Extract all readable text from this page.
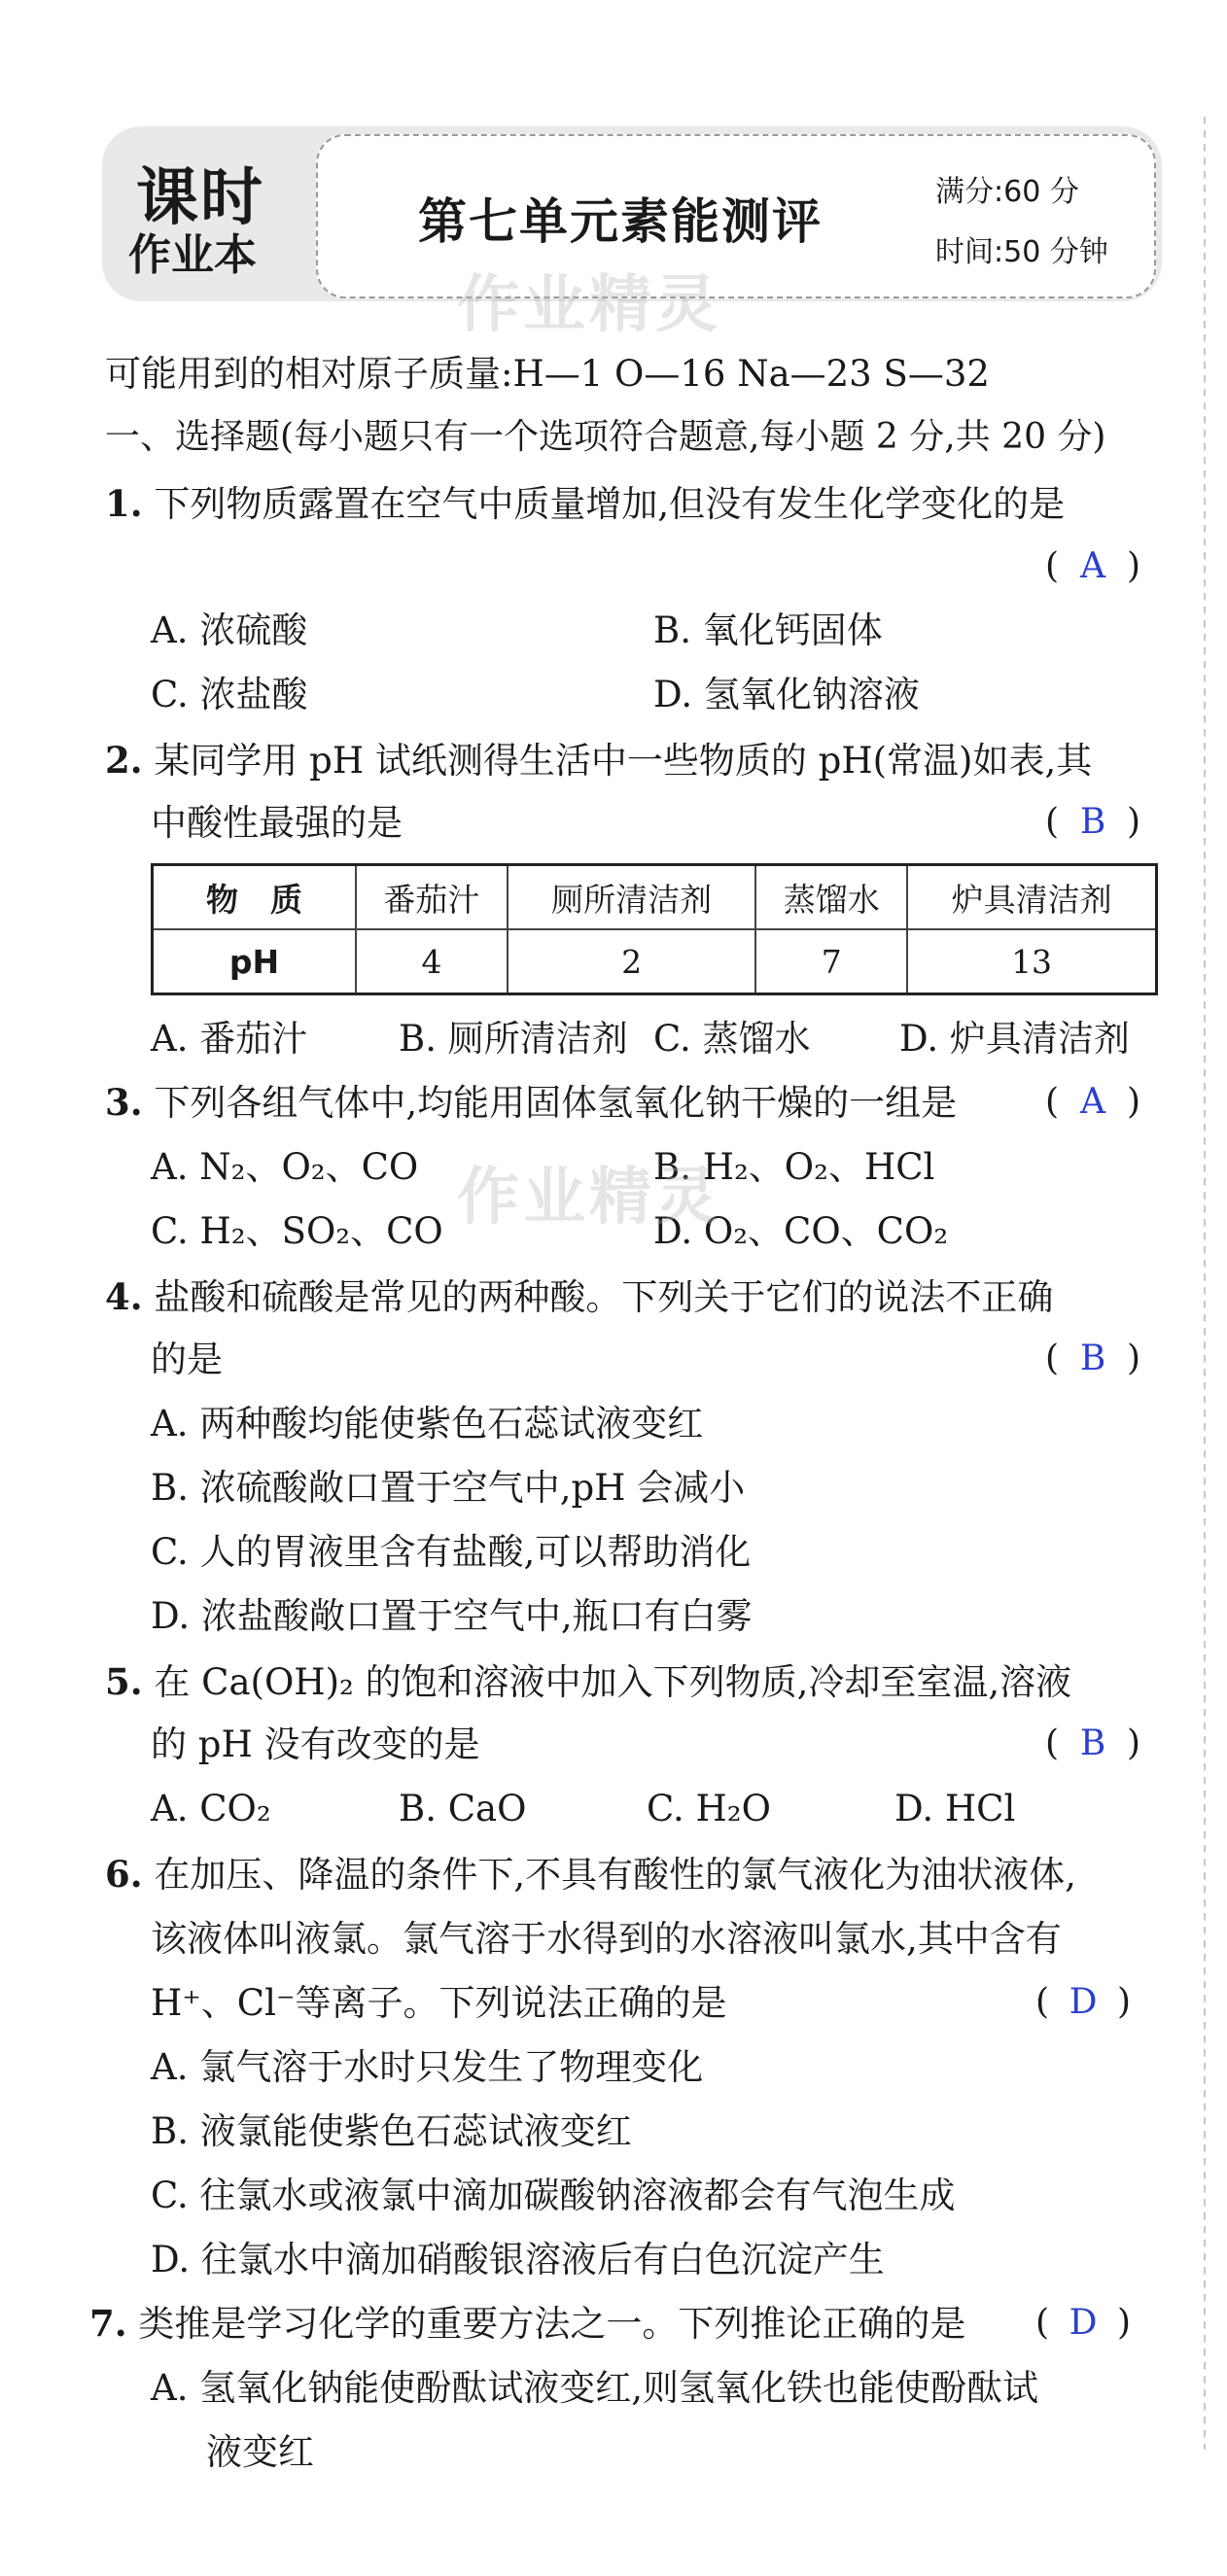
课时
作业本
第七单元素能测评
满分:60 分
时间:50 分钟
作业精灵
可能用到的相对原子质量:H—1 O—16 Na—23 S—32
一、选择题(每小题只有一个选项符合题意,每小题 2 分,共 20 分)
1. 下列物质露置在空气中质量增加,但没有发生化学变化的是
( A )
A. 浓硫酸	B. 氧化钙固体
C. 浓盐酸	D. 氢氧化钠溶液
2. 某同学用 pH 试纸测得生活中一些物质的 pH(常温)如表,其
中酸性最强的是	( B )
物　质	番茄汁	厕所清洁剂	蒸馏水	炉具清洁剂
pH	4	2	7	13
A. 番茄汁	B. 厕所清洁剂 C. 蒸馏水 D. 炉具清洁剂
3. 下列各组气体中,均能用固体氢氧化钠干燥的一组是	( A )
A. N₂、O₂、CO	B. H₂、O₂、HCl
C. H₂、SO₂、CO	D. O₂、CO、CO₂
作业精灵
4. 盐酸和硫酸是常见的两种酸。下列关于它们的说法不正确
的是	( B )
A. 两种酸均能使紫色石蕊试液变红
B. 浓硫酸敞口置于空气中,pH 会减小
C. 人的胃液里含有盐酸,可以帮助消化
D. 浓盐酸敞口置于空气中,瓶口有白雾
5. 在 Ca(OH)₂ 的饱和溶液中加入下列物质,冷却至室温,溶液
的 pH 没有改变的是	( B )
A. CO₂	B. CaO	C. H₂O	D. HCl
6. 在加压、降温的条件下,不具有酸性的氯气液化为油状液体,
该液体叫液氯。氯气溶于水得到的水溶液叫氯水,其中含有
H⁺、Cl⁻等离子。下列说法正确的是	( D )
A. 氯气溶于水时只发生了物理变化
B. 液氯能使紫色石蕊试液变红
C. 往氯水或液氯中滴加碳酸钠溶液都会有气泡生成
D. 往氯水中滴加硝酸银溶液后有白色沉淀产生
7. 类推是学习化学的重要方法之一。下列推论正确的是 ( D )
A. 氢氧化钠能使酚酞试液变红,则氢氧化铁也能使酚酞试
液变红
